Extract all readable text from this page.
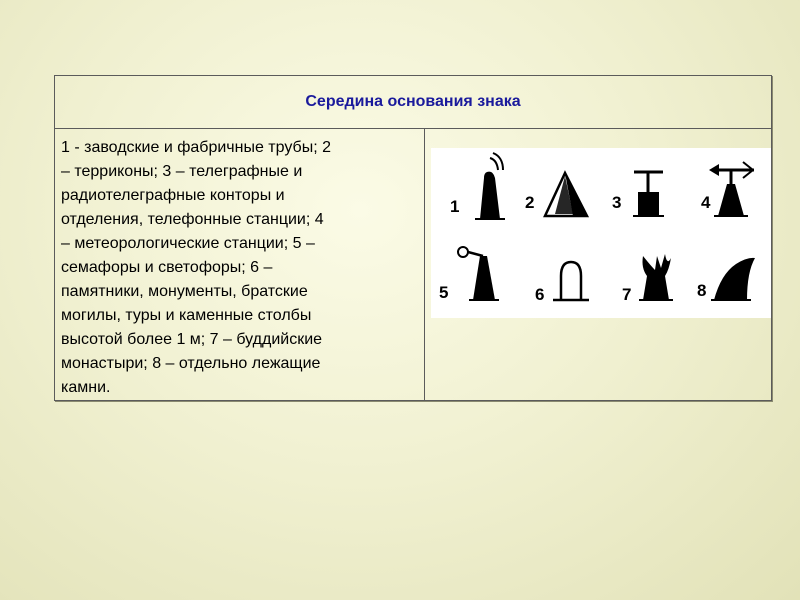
Середина основания знака

1 - заводские и фабричные трубы; 2
– терриконы; 3 – телеграфные и
радиотелеграфные конторы и
отделения, телефонные станции; 4
– метеорологические станции; 5 –
семафоры и светофоры; 6 –
памятники, монументы, братские
могилы, туры и каменные столбы
высотой более 1 м; 7 – буддийские
монастыри; 8 – отдельно лежащие
камни.

1	2	3	4
5	6	7	8
